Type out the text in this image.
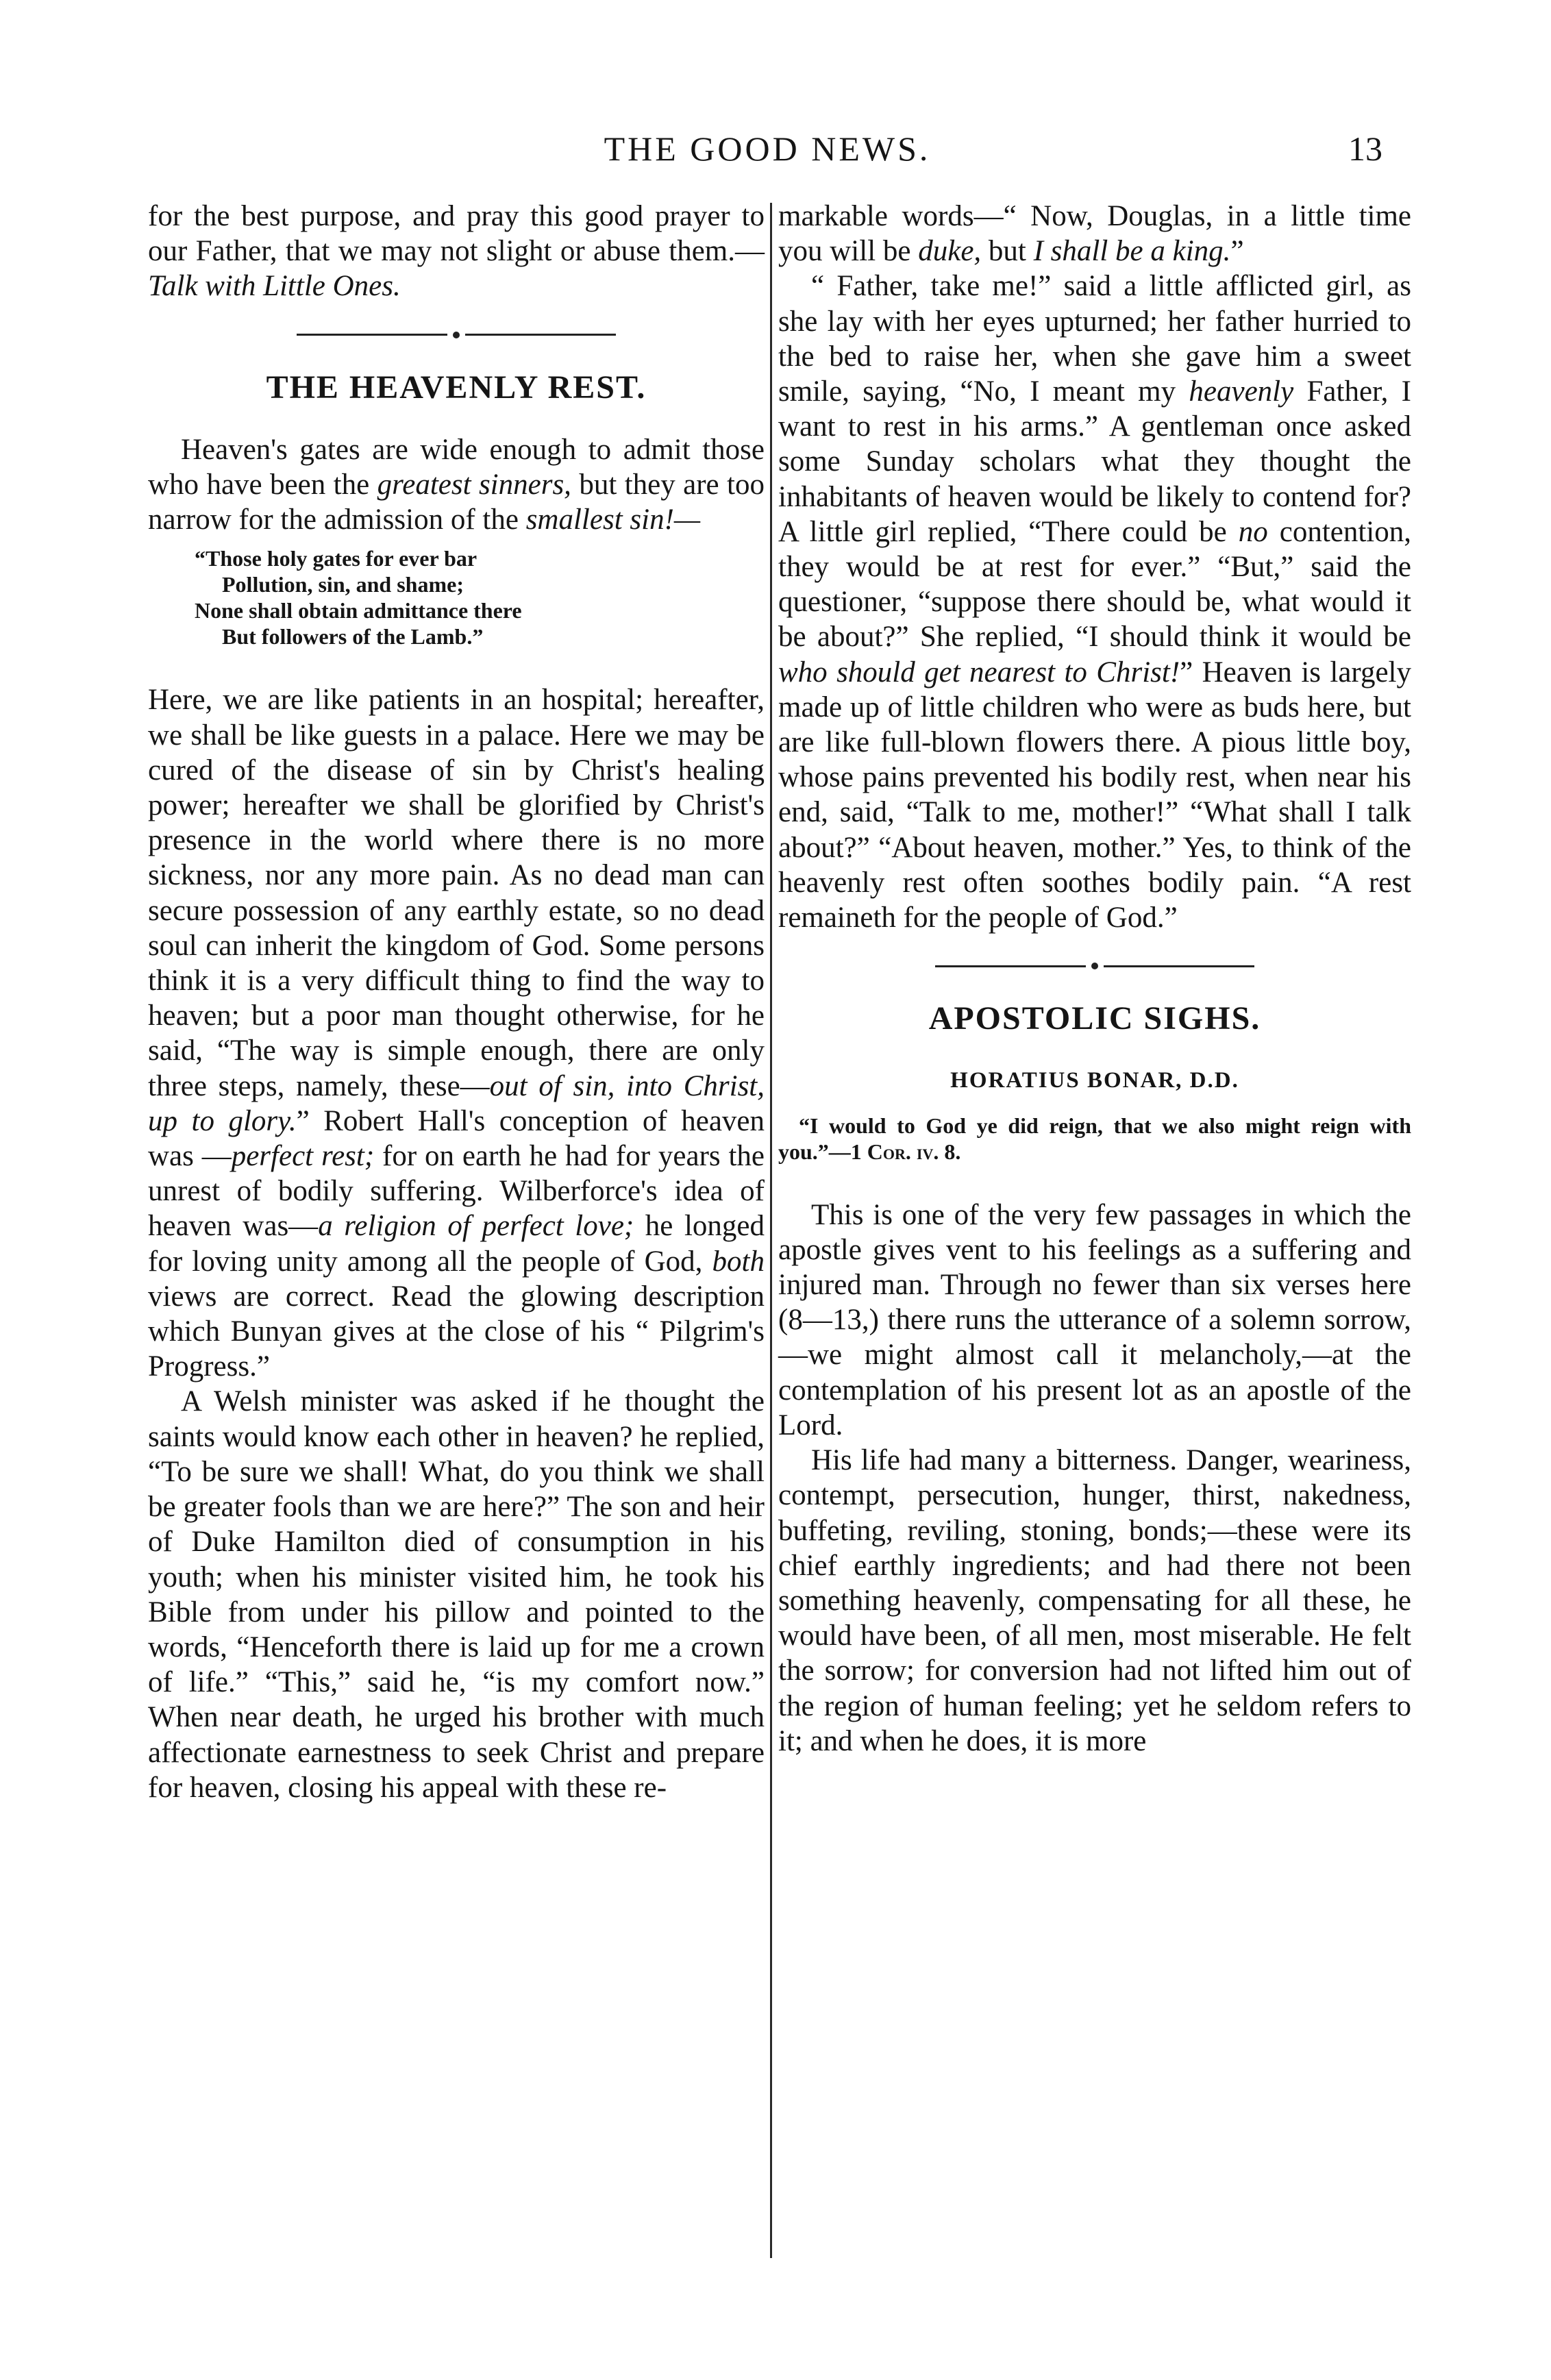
THE GOOD NEWS.	13

for the best purpose, and pray this good prayer to our Father, that we may not slight or abuse them.—Talk with Little Ones.

THE HEAVENLY REST.

Heaven's gates are wide enough to admit those who have been the greatest sinners, but they are too narrow for the admission of the smallest sin!—

“Those holy gates for ever bar
Pollution, sin, and shame;
None shall obtain admittance there
But followers of the Lamb.”

Here, we are like patients in an hospital; hereafter, we shall be like guests in a palace. Here we may be cured of the disease of sin by Christ's healing power; hereafter we shall be glorified by Christ's presence in the world where there is no more sickness, nor any more pain. As no dead man can secure possession of any earthly estate, so no dead soul can inherit the kingdom of God. Some persons think it is a very difficult thing to find the way to heaven; but a poor man thought otherwise, for he said, “The way is simple enough, there are only three steps, namely, these—out of sin, into Christ, up to glory.” Robert Hall's conception of heaven was —perfect rest; for on earth he had for years the unrest of bodily suffering. Wilberforce's idea of heaven was—a religion of perfect love; he longed for loving unity among all the people of God, both views are correct. Read the glowing description which Bunyan gives at the close of his “ Pilgrim's Progress.”

A Welsh minister was asked if he thought the saints would know each other in heaven? he replied, “To be sure we shall! What, do you think we shall be greater fools than we are here?” The son and heir of Duke Hamilton died of consumption in his youth; when his minister visited him, he took his Bible from under his pillow and pointed to the words, “Henceforth there is laid up for me a crown of life.” “This,” said he, “is my comfort now.” When near death, he urged his brother with much affectionate earnestness to seek Christ and prepare for heaven, closing his appeal with these re-

markable words—“ Now, Douglas, in a little time you will be duke, but I shall be a king.”

“ Father, take me!” said a little afflicted girl, as she lay with her eyes upturned; her father hurried to the bed to raise her, when she gave him a sweet smile, saying, “No, I meant my heavenly Father, I want to rest in his arms.” A gentleman once asked some Sunday scholars what they thought the inhabitants of heaven would be likely to contend for? A little girl replied, “There could be no contention, they would be at rest for ever.” “But,” said the questioner, “suppose there should be, what would it be about?” She replied, “I should think it would be who should get nearest to Christ!” Heaven is largely made up of little children who were as buds here, but are like full-blown flowers there. A pious little boy, whose pains prevented his bodily rest, when near his end, said, “Talk to me, mother!” “What shall I talk about?” “About heaven, mother.” Yes, to think of the heavenly rest often soothes bodily pain. “A rest remaineth for the people of God.”

APOSTOLIC SIGHS.
HORATIUS BONAR, D.D.
“I would to God ye did reign, that we also might reign with you.”—1 Cor. iv. 8.

This is one of the very few passages in which the apostle gives vent to his feelings as a suffering and injured man. Through no fewer than six verses here (8—13,) there runs the utterance of a solemn sorrow,—we might almost call it melancholy,—at the contemplation of his present lot as an apostle of the Lord.

His life had many a bitterness. Danger, weariness, contempt, persecution, hunger, thirst, nakedness, buffeting, reviling, stoning, bonds;—these were its chief earthly ingredients; and had there not been something heavenly, compensating for all these, he would have been, of all men, most miserable. He felt the sorrow; for conversion had not lifted him out of the region of human feeling; yet he seldom refers to it; and when he does, it is more
